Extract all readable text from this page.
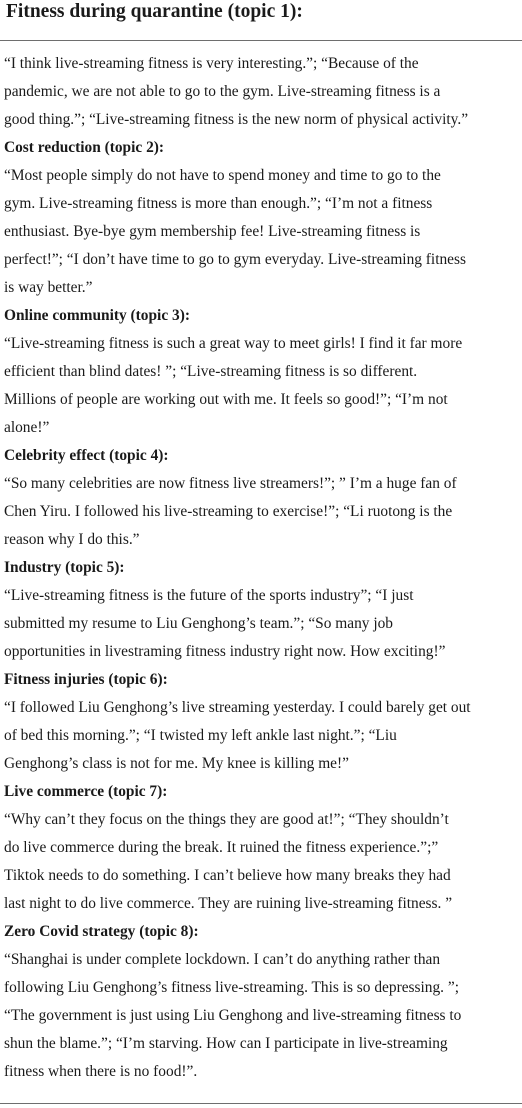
Fitness during quarantine (topic 1):
“I think live-streaming fitness is very interesting.”; “Because of the
pandemic, we are not able to go to the gym. Live-streaming fitness is a
good thing.”; “Live-streaming fitness is the new norm of physical activity.”
Cost reduction (topic 2):
“Most people simply do not have to spend money and time to go to the
gym. Live-streaming fitness is more than enough.”; “I’m not a fitness
enthusiast. Bye-bye gym membership fee! Live-streaming fitness is
perfect!”; “I don’t have time to go to gym everyday. Live-streaming fitness
is way better.”
Online community (topic 3):
“Live-streaming fitness is such a great way to meet girls! I find it far more
efficient than blind dates! ”; “Live-streaming fitness is so different.
Millions of people are working out with me. It feels so good!”; “I’m not
alone!”
Celebrity effect (topic 4):
“So many celebrities are now fitness live streamers!”; ” I’m a huge fan of
Chen Yiru. I followed his live-streaming to exercise!”; “Li ruotong is the
reason why I do this.”
Industry (topic 5):
“Live-streaming fitness is the future of the sports industry”; “I just
submitted my resume to Liu Genghong’s team.”; “So many job
opportunities in livestraming fitness industry right now. How exciting!”
Fitness injuries (topic 6):
“I followed Liu Genghong’s live streaming yesterday. I could barely get out
of bed this morning.”; “I twisted my left ankle last night.”; “Liu
Genghong’s class is not for me. My knee is killing me!”
Live commerce (topic 7):
“Why can’t they focus on the things they are good at!”; “They shouldn’t
do live commerce during the break. It ruined the fitness experience.”;”
Tiktok needs to do something. I can’t believe how many breaks they had
last night to do live commerce. They are ruining live-streaming fitness. ”
Zero Covid strategy (topic 8):
“Shanghai is under complete lockdown. I can’t do anything rather than
following Liu Genghong’s fitness live-streaming. This is so depressing. ”;
“The government is just using Liu Genghong and live-streaming fitness to
shun the blame.”; “I’m starving. How can I participate in live-streaming
fitness when there is no food!”.
